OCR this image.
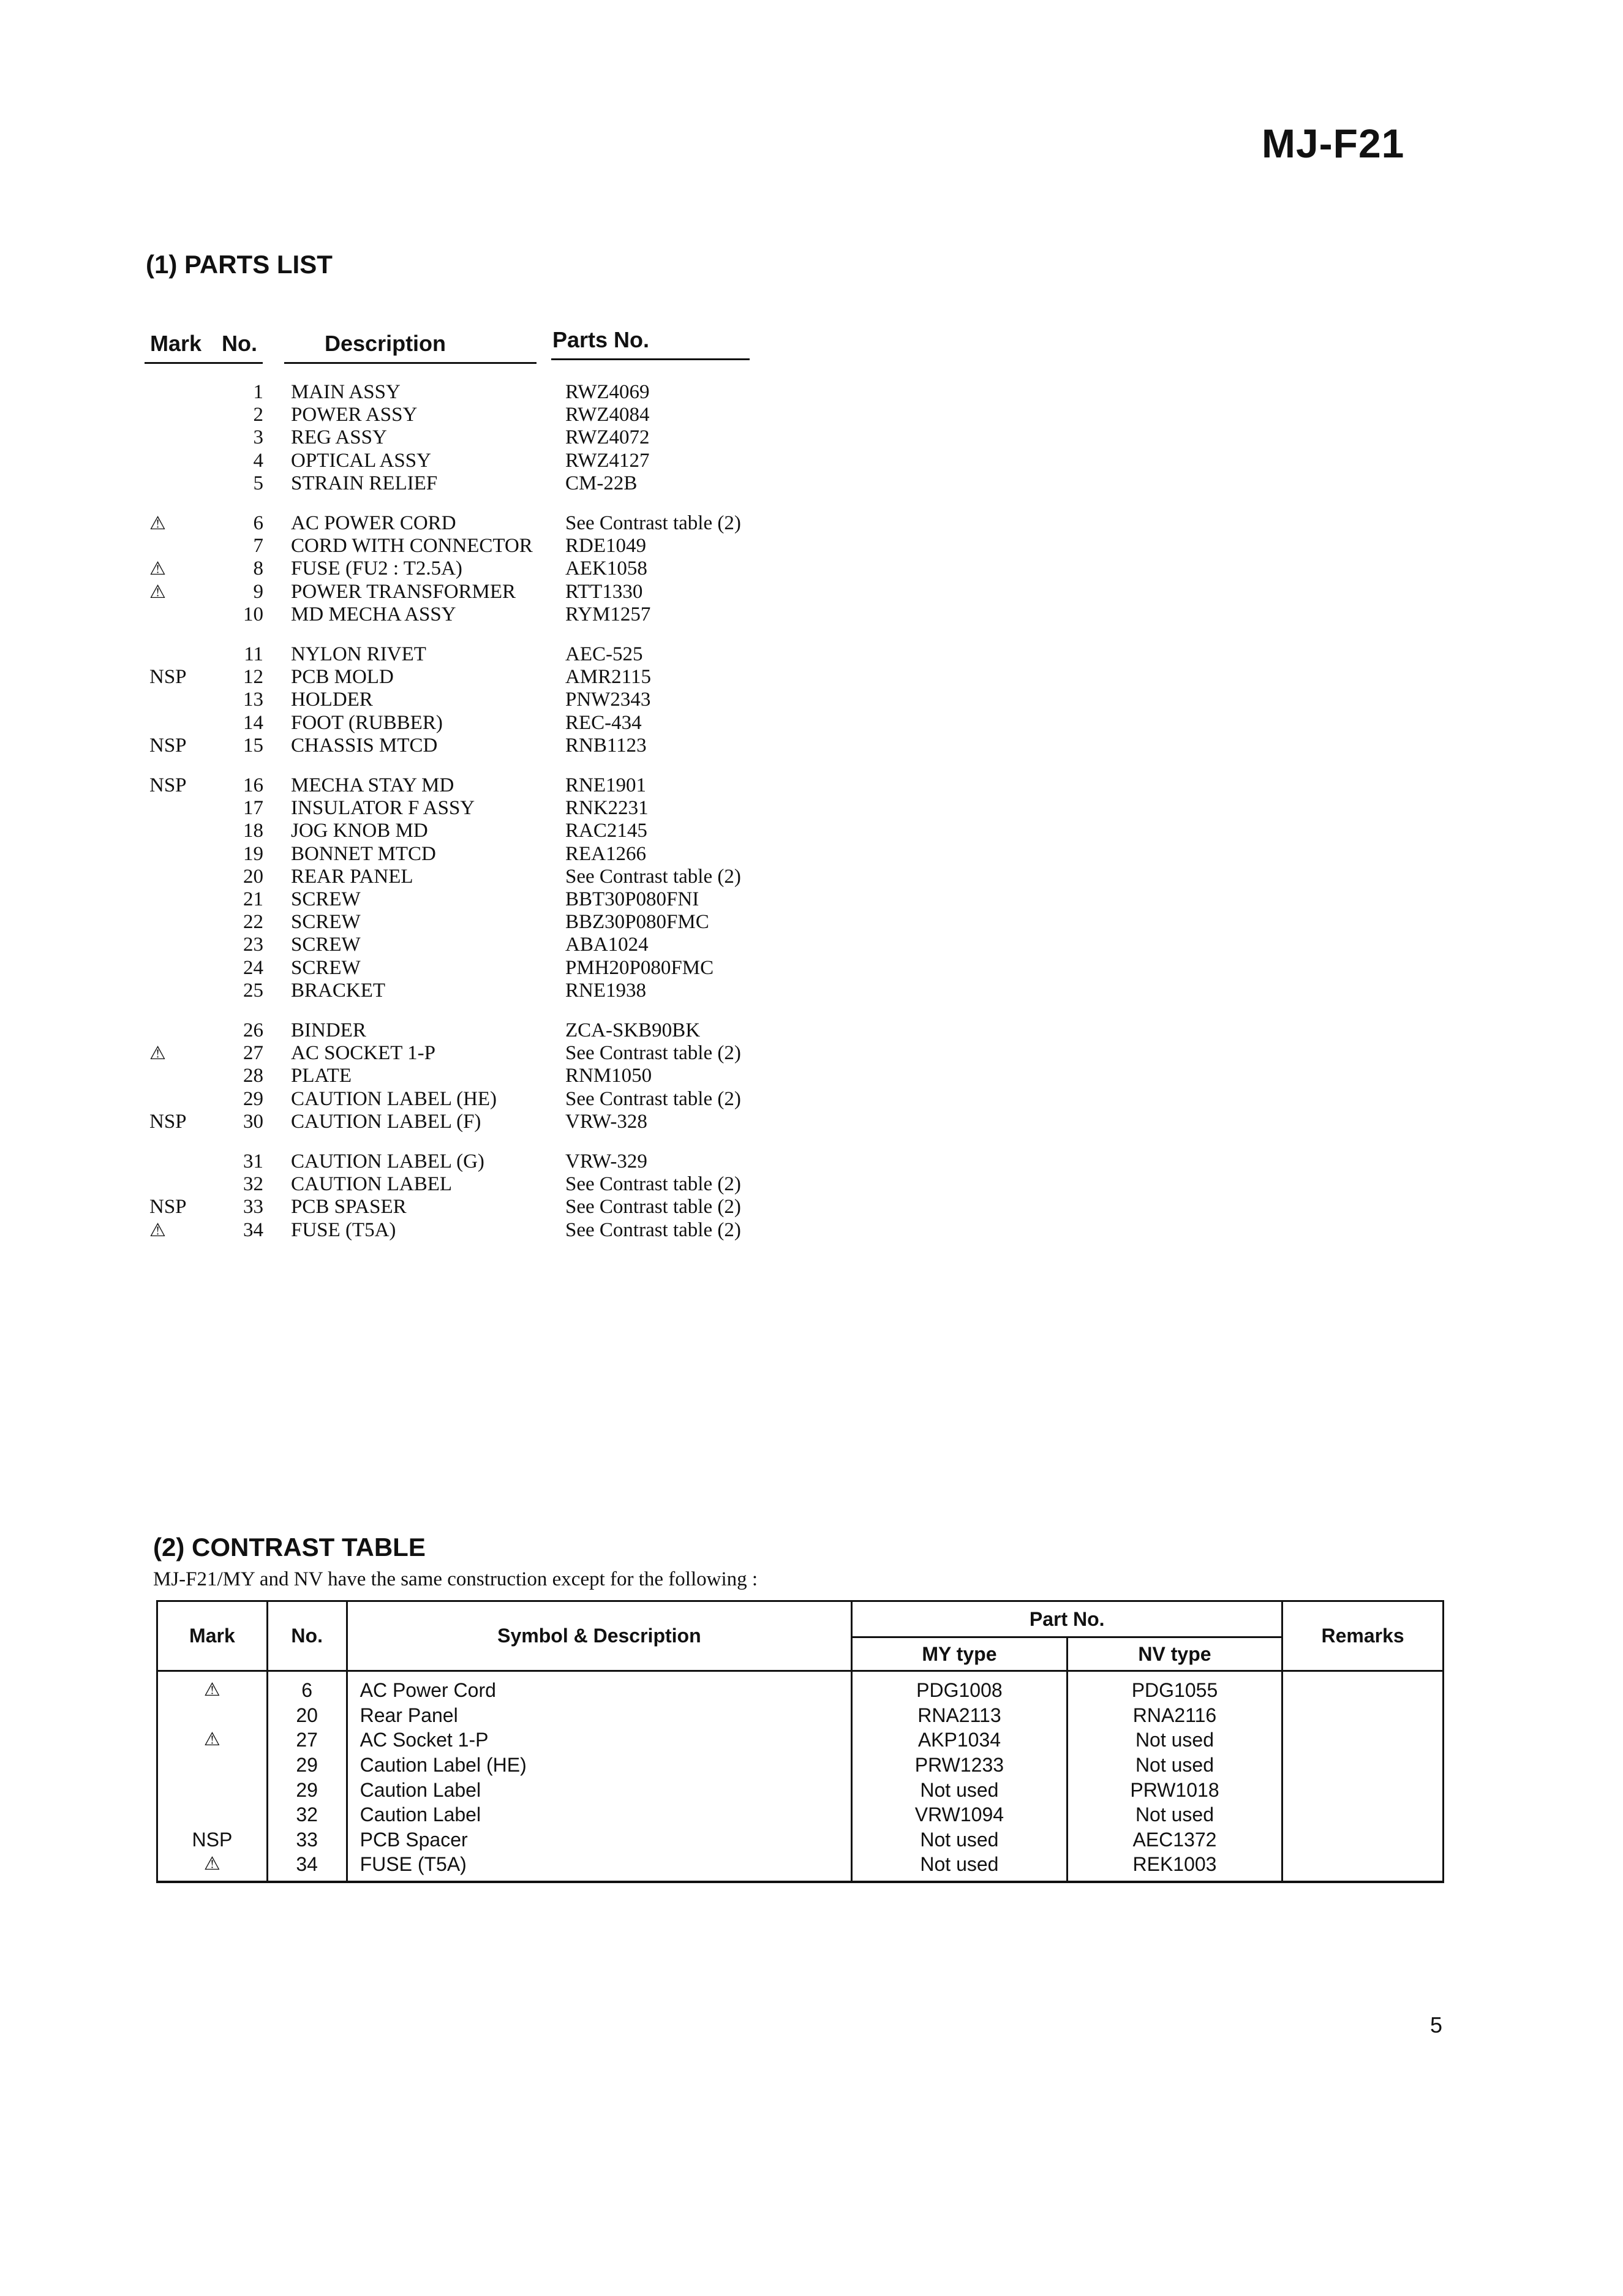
MJ-F21
(1) PARTS LIST
Mark No.	Description	Parts No.
1 MAIN ASSY	RWZ4069
2 POWER ASSY	RWZ4084
3 REG ASSY	RWZ4072
4 OPTICAL ASSY	RWZ4127
5 STRAIN RELIEF	CM-22B
⚠	6 AC POWER CORD	See Contrast table (2)
7 CORD WITH CONNECTOR RDE1049
⚠	8 FUSE (FU2 : T2.5A)	AEK1058
⚠	9 POWER TRANSFORMER RTT1330
10 MD MECHA ASSY	RYM1257
11 NYLON RIVET	AEC-525
NSP	12 PCB MOLD	AMR2115
13 HOLDER	PNW2343
14 FOOT (RUBBER)	REC-434
NSP	15 CHASSIS MTCD	RNB1123
NSP	16 MECHA STAY MD	RNE1901
17 INSULATOR F ASSY	RNK2231
18 JOG KNOB MD	RAC2145
19 BONNET MTCD	REA1266
20 REAR PANEL	See Contrast table (2)
21 SCREW	BBT30P080FNI
22 SCREW	BBZ30P080FMC
23 SCREW	ABA1024
24 SCREW	PMH20P080FMC
25 BRACKET	RNE1938
26 BINDER	ZCA-SKB90BK
⚠	27 AC SOCKET 1-P	See Contrast table (2)
28 PLATE	RNM1050
29 CAUTION LABEL (HE)	See Contrast table (2)
NSP	30 CAUTION LABEL (F)	VRW-328
31 CAUTION LABEL (G)	VRW-329
32 CAUTION LABEL	See Contrast table (2)
NSP	33 PCB SPASER	See Contrast table (2)
⚠	34 FUSE (T5A)	See Contrast table (2)
(2) CONTRAST TABLE
MJ-F21/MY and NV have the same construction except for the following :
Mark	No.	Symbol & Description	Part No.		Remarks
			MY type	NV type	
⚠	6	AC Power Cord	PDG1008	PDG1055	
	20	Rear Panel	RNA2113	RNA2116	
⚠	27	AC Socket 1-P	AKP1034	Not used	
	29	Caution Label (HE)	PRW1233	Not used	
	29	Caution Label	Not used	PRW1018	
	32	Caution Label	VRW1094	Not used	
NSP	33	PCB Spacer	Not used	AEC1372	
⚠	34	FUSE (T5A)	Not used	REK1003	
5
